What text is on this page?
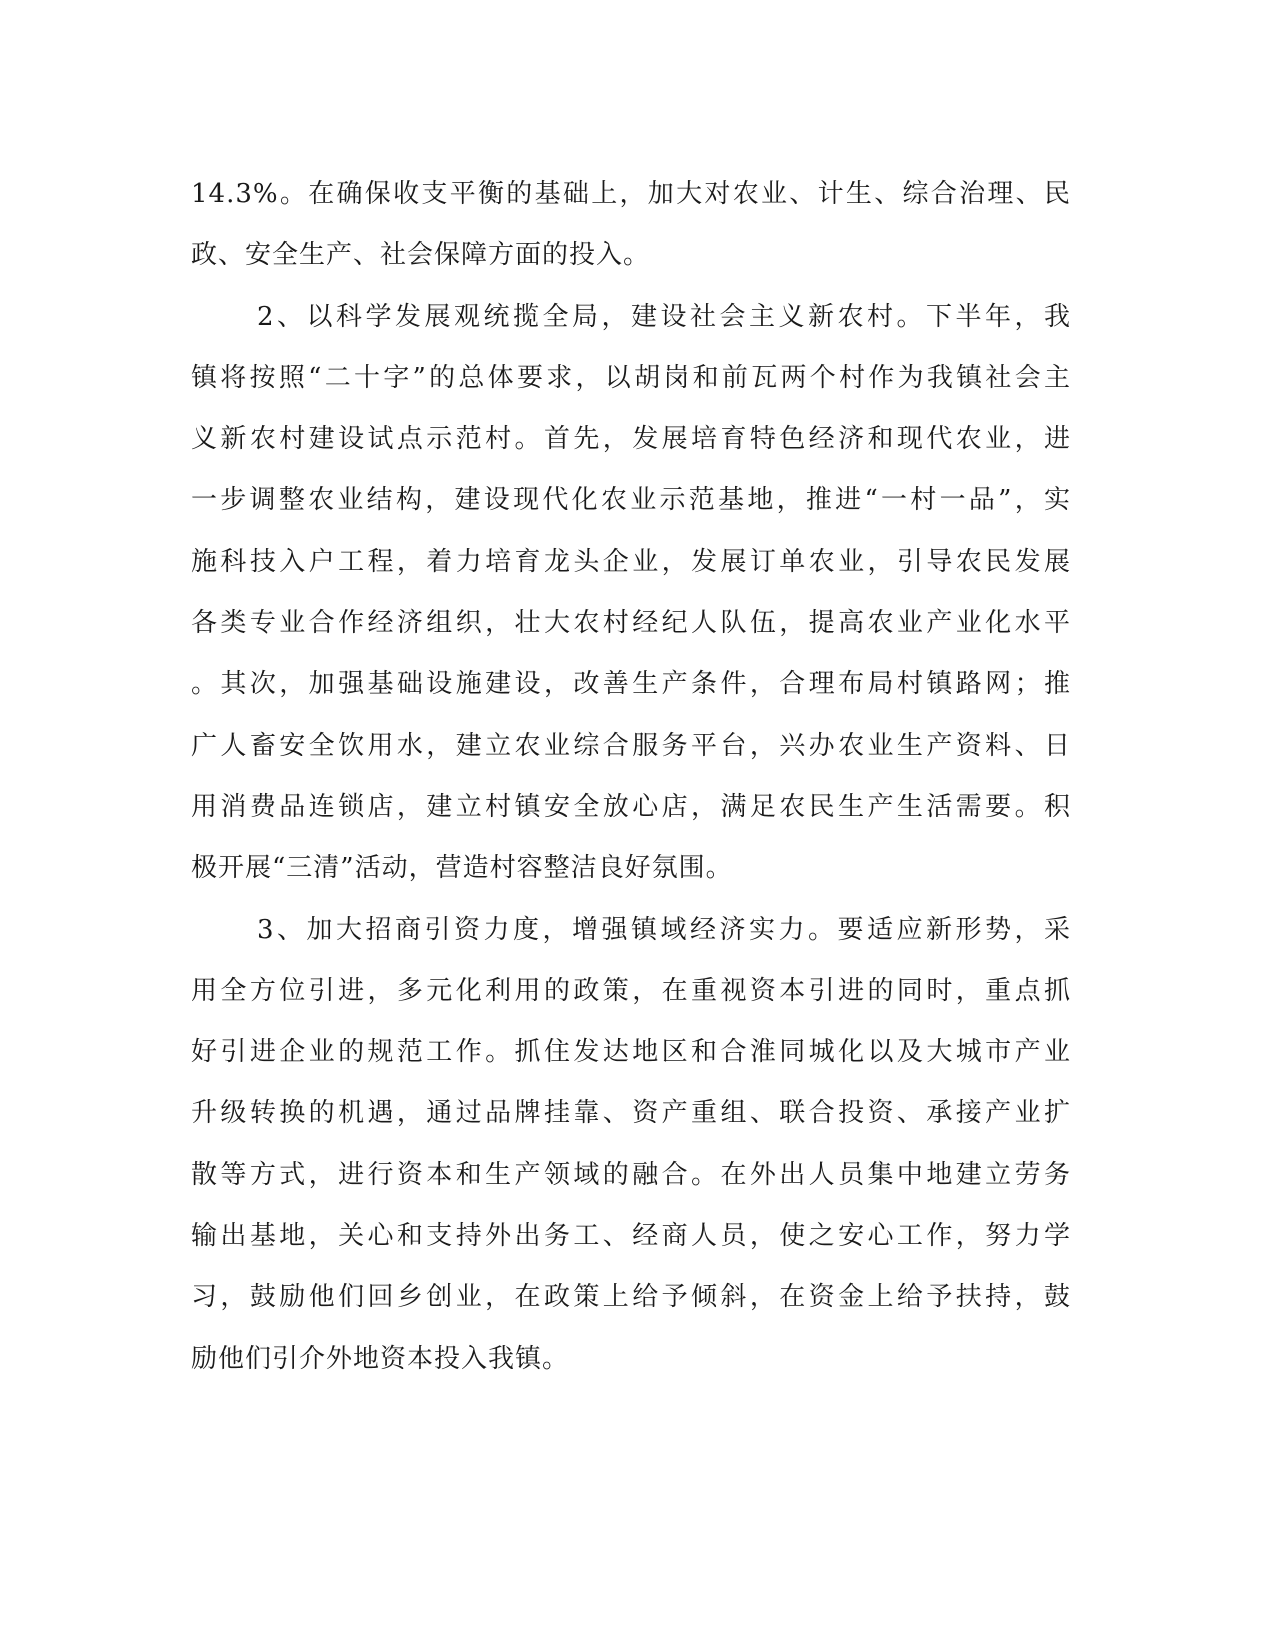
14.3%。在确保收支平衡的基础上，加大对农业、计生、综合治理、民
政、安全生产、社会保障方面的投入。
2、以科学发展观统揽全局，建设社会主义新农村。下半年，我
镇将按照“二十字”的总体要求，以胡岗和前瓦两个村作为我镇社会主
义新农村建设试点示范村。首先，发展培育特色经济和现代农业，进
一步调整农业结构，建设现代化农业示范基地，推进“一村一品”，实
施科技入户工程，着力培育龙头企业，发展订单农业，引导农民发展
各类专业合作经济组织，壮大农村经纪人队伍，提高农业产业化水平
。其次，加强基础设施建设，改善生产条件，合理布局村镇路网；推
广人畜安全饮用水，建立农业综合服务平台，兴办农业生产资料、日
用消费品连锁店，建立村镇安全放心店，满足农民生产生活需要。积
极开展“三清”活动，营造村容整洁良好氛围。
3、加大招商引资力度，增强镇域经济实力。要适应新形势，采
用全方位引进，多元化利用的政策，在重视资本引进的同时，重点抓
好引进企业的规范工作。抓住发达地区和合淮同城化以及大城市产业
升级转换的机遇，通过品牌挂靠、资产重组、联合投资、承接产业扩
散等方式，进行资本和生产领域的融合。在外出人员集中地建立劳务
输出基地，关心和支持外出务工、经商人员，使之安心工作，努力学
习，鼓励他们回乡创业，在政策上给予倾斜，在资金上给予扶持，鼓
励他们引介外地资本投入我镇。
